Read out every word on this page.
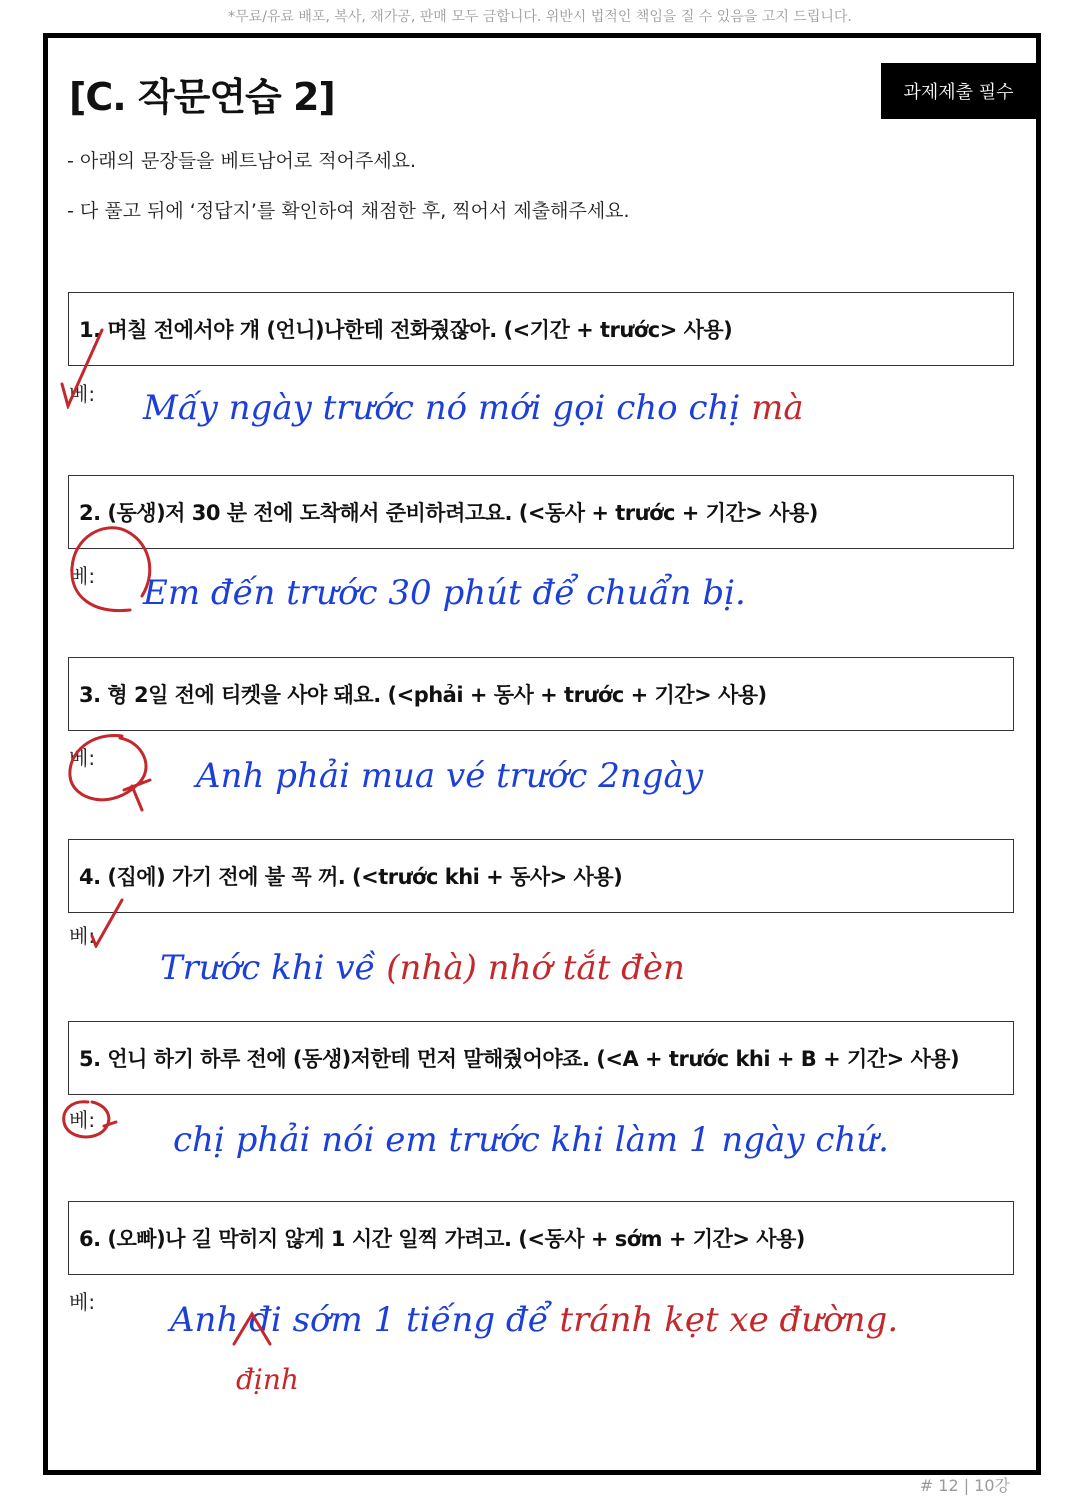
*무료/유료 배포, 복사, 재가공, 판매 모두 금합니다. 위반시 법적인 책임을 질 수 있음을 고지 드립니다.
[C. 작문연습 2]	과제제출 필수
- 아래의 문장들을 베트남어로 적어주세요.
- 다 풀고 뒤에 ‘정답지’를 확인하여 채점한 후, 찍어서 제출해주세요.
1. 며칠 전에서야 걔 (언니)나한테 전화줬잖아. (<기간 + trước> 사용)
베: Mấy ngày trước nó mới gọi cho chị mà
2. (동생)저 30 분 전에 도착해서 준비하려고요. (<동사 + trước + 기간> 사용)
베: Em đến trước 30 phút để chuẩn bị.
3. 형 2일 전에 티켓을 사야 돼요. (<phải + 동사 + trước + 기간> 사용)
베:	Anh phải mua vé trước 2ngày
4. (집에) 가기 전에 불 꼭 꺼. (<trước khi + 동사> 사용)
베:
Trước khi về (nhà) nhớ tắt đèn
5. 언니 하기 하루 전에 (동생)저한테 먼저 말해줬어야죠. (<A + trước khi + B + 기간> 사용)
베: chị phải nói em trước khi làm 1 ngày chứ.
6. (오빠)나 길 막히지 않게 1 시간 일찍 가려고. (<동사 + sớm + 기간> 사용)
베: Anh đi sớm 1 tiếng để tránh kẹt xe đường.
định
# 12 | 10강
